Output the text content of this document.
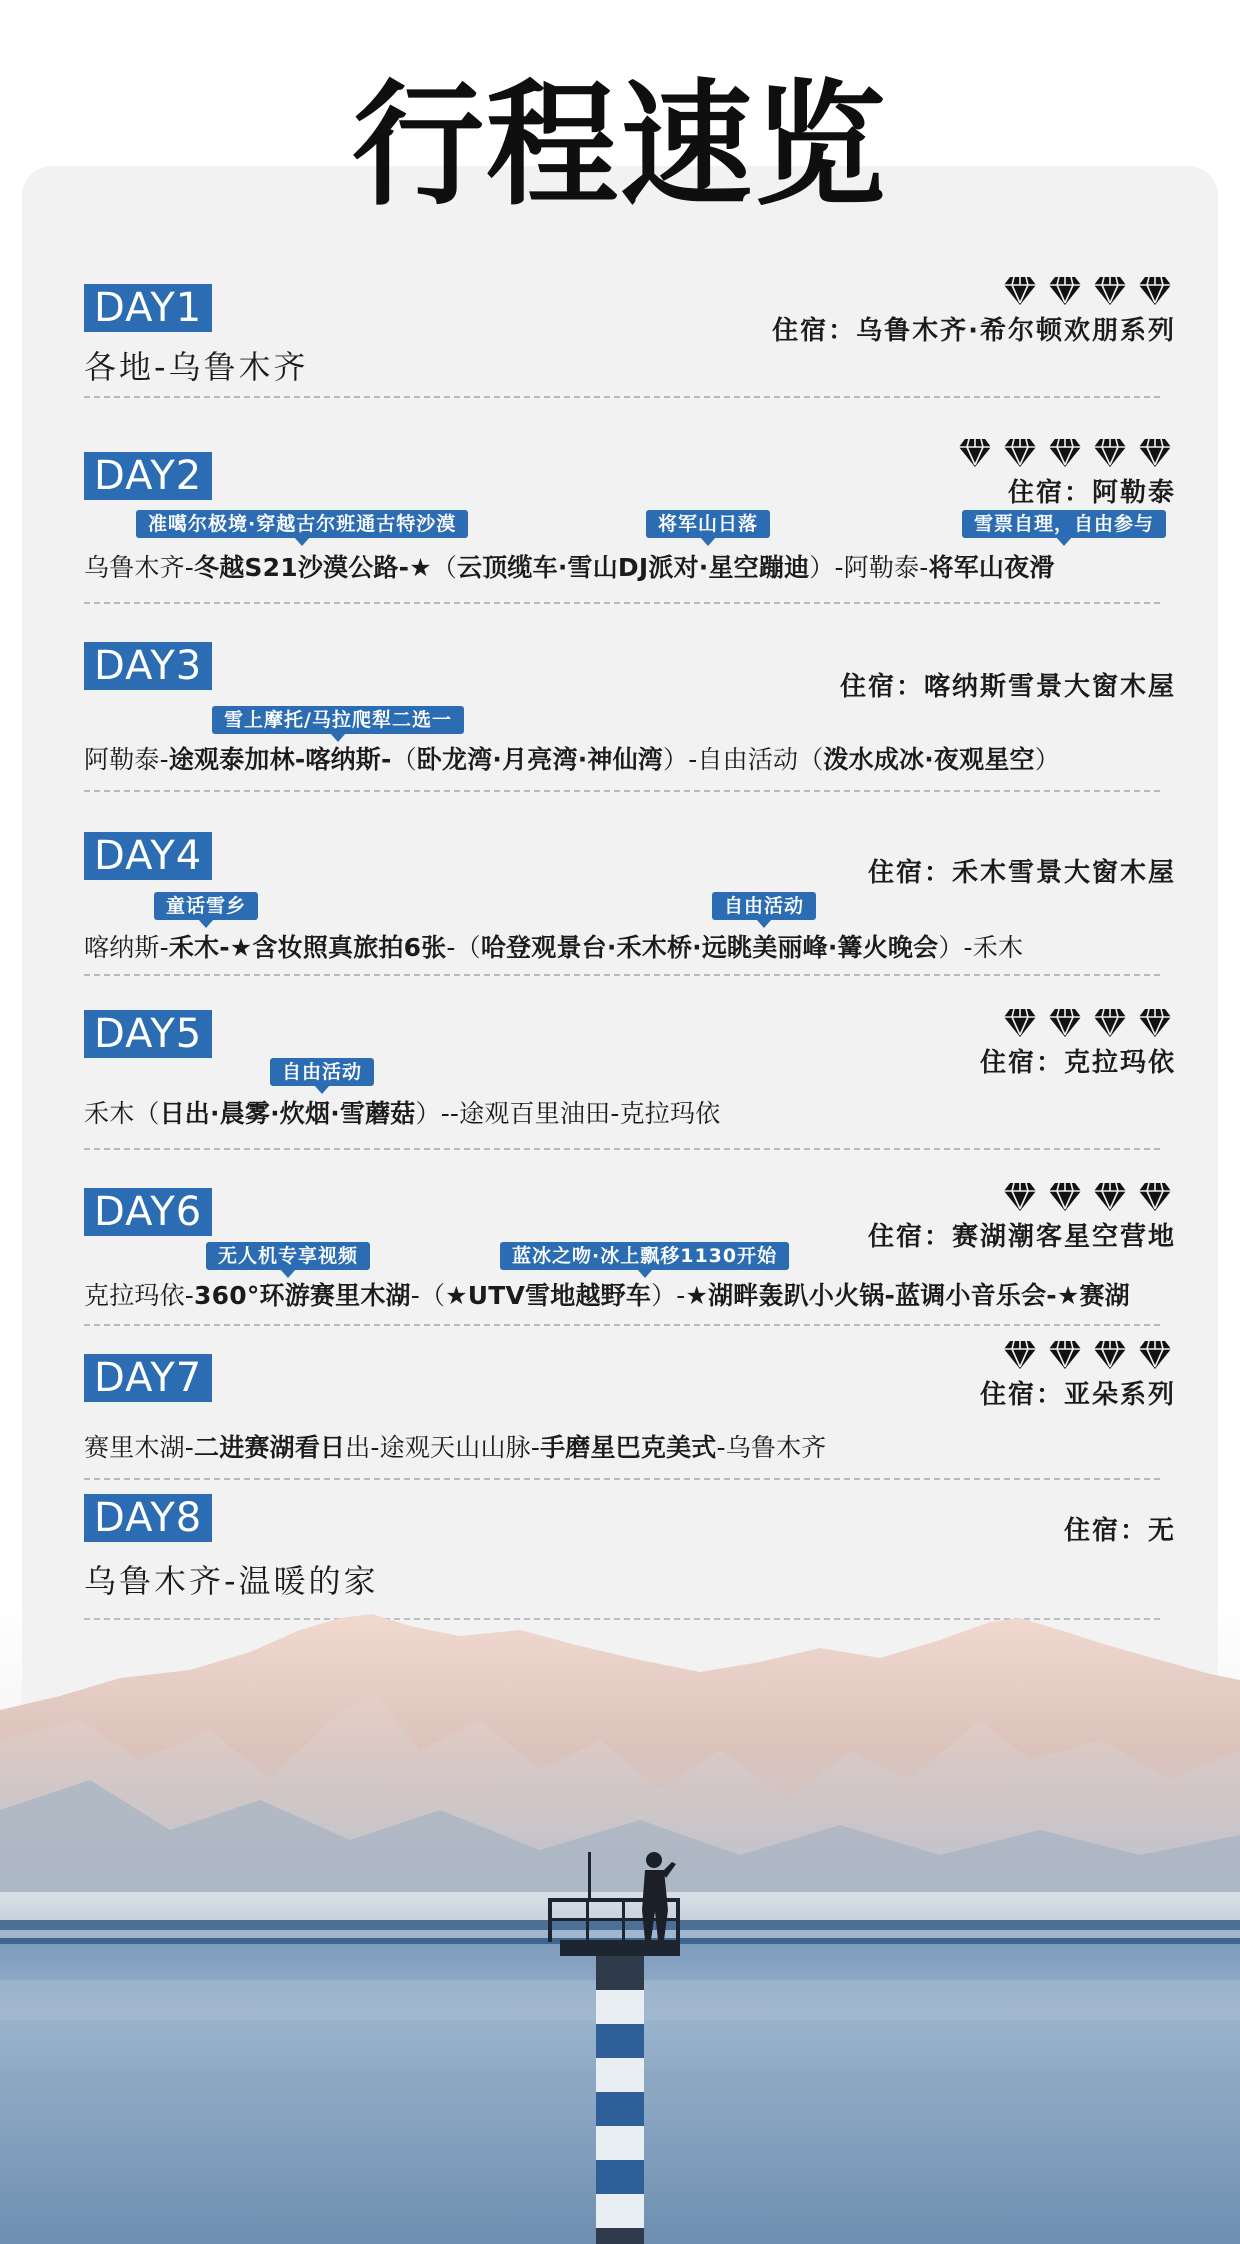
行程速览
DAY1	住宿：乌鲁木齐·希尔顿欢朋系列
各地-乌鲁木齐
DAY2	住宿：阿勒泰
准噶尔极境·穿越古尔班通古特沙漠	将军山日落	雪票自理，自由参与
乌鲁木齐-冬越S21沙漠公路-★（云顶缆车·雪山DJ派对·星空蹦迪）-阿勒泰-将军山夜滑
DAY3	住宿：喀纳斯雪景大窗木屋
雪上摩托/马拉爬犁二选一
阿勒泰-途观泰加林-喀纳斯-（卧龙湾·月亮湾·神仙湾）-自由活动（泼水成冰·夜观星空）
DAY4	住宿：禾木雪景大窗木屋
童话雪乡	自由活动
喀纳斯-禾木-★含妆照真旅拍6张-（哈登观景台·禾木桥·远眺美丽峰·篝火晚会）-禾木
DAY5
住宿：克拉玛依
自由活动
禾木（日出·晨雾·炊烟·雪蘑菇）--途观百里油田-克拉玛依
DAY6
住宿：赛湖潮客星空营地
无人机专享视频	蓝冰之吻·冰上飘移1130开始
克拉玛依-360°环游赛里木湖-（★UTV雪地越野车）-★湖畔轰趴小火锅-蓝调小音乐会-★赛湖
DAY7	住宿：亚朵系列
赛里木湖-二进赛湖看日出-途观天山山脉-手磨星巴克美式-乌鲁木齐
DAY8	住宿：无
乌鲁木齐-温暖的家
